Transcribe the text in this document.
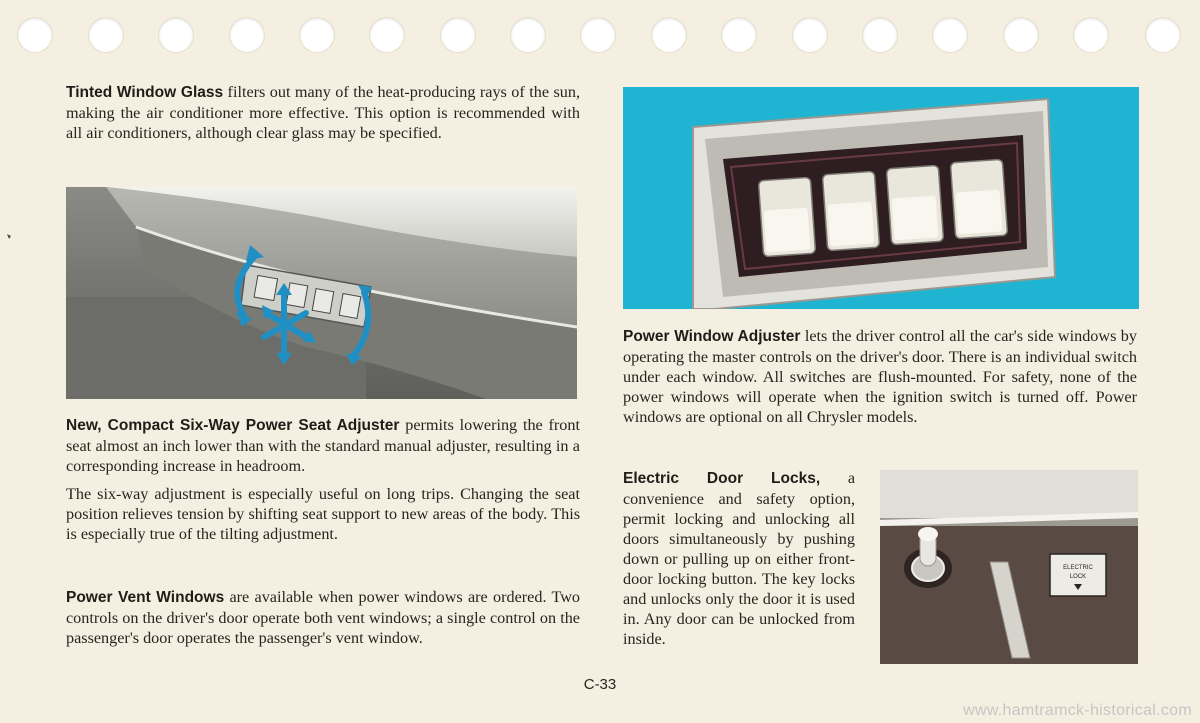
Tinted Window Glass filters out many of the heat-producing rays of the sun, making the air conditioner more effective. This option is recommended with all air conditioners, although clear glass may be specified.

New, Compact Six-Way Power Seat Adjuster permits lowering the front seat almost an inch lower than with the standard manual adjuster, resulting in a corresponding increase in headroom.

The six-way adjustment is especially useful on long trips. Changing the seat position relieves tension by shifting seat support to new areas of the body. This is especially true of the tilting adjustment.

Power Vent Windows are available when power windows are ordered. Two controls on the driver's door operate both vent windows; a single control on the passenger's door operates the passenger's vent window.

Power Window Adjuster lets the driver control all the car's side windows by operating the master controls on the driver's door. There is an individual switch under each window. All switches are flush-mounted. For safety, none of the power windows will operate when the ignition switch is turned off. Power windows are optional on all Chrysler models.

Electric Door Locks, a convenience and safety option, permit locking and unlocking all doors simultaneously by pushing down or pulling up on either front-door locking button. The key locks and unlocks only the door it is used in. Any door can be unlocked from inside.

ELECTRIC
LOCK
C-33
www.hamtramck-historical.com
